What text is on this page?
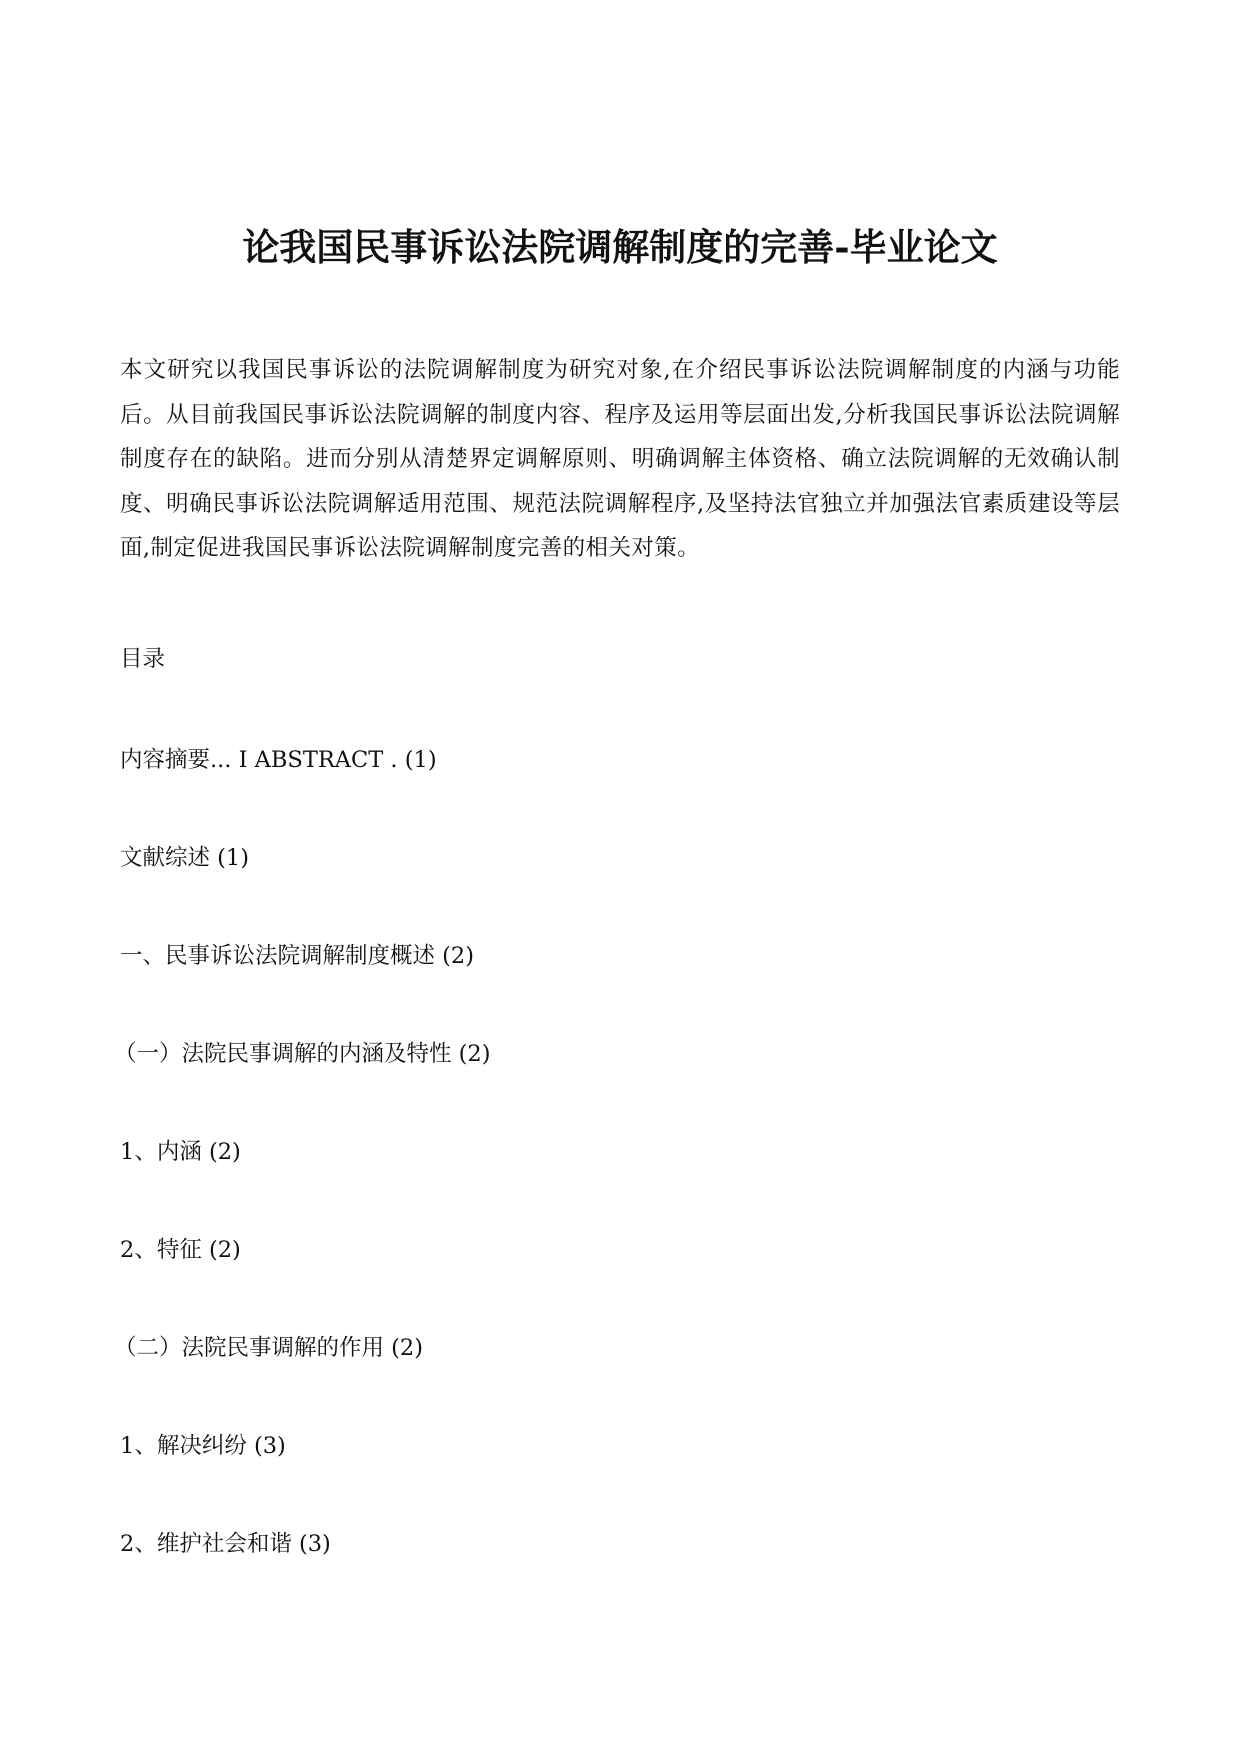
论我国民事诉讼法院调解制度的完善-毕业论文

本文研究以我国民事诉讼的法院调解制度为研究对象,在介绍民事诉讼法院调解制度的内涵与功能后。从目前我国民事诉讼法院调解的制度内容、程序及运用等层面出发,分析我国民事诉讼法院调解制度存在的缺陷。进而分别从清楚界定调解原则、明确调解主体资格、确立法院调解的无效确认制度、明确民事诉讼法院调解适用范围、规范法院调解程序,及坚持法官独立并加强法官素质建设等层面,制定促进我国民事诉讼法院调解制度完善的相关对策。

目录
内容摘要... I ABSTRACT . (1)
文献综述 (1)
一、民事诉讼法院调解制度概述 (2)
（一）法院民事调解的内涵及特性 (2)
1、内涵 (2)
2、特征 (2)
（二）法院民事调解的作用 (2)
1、解决纠纷 (3)
2、维护社会和谐 (3)
